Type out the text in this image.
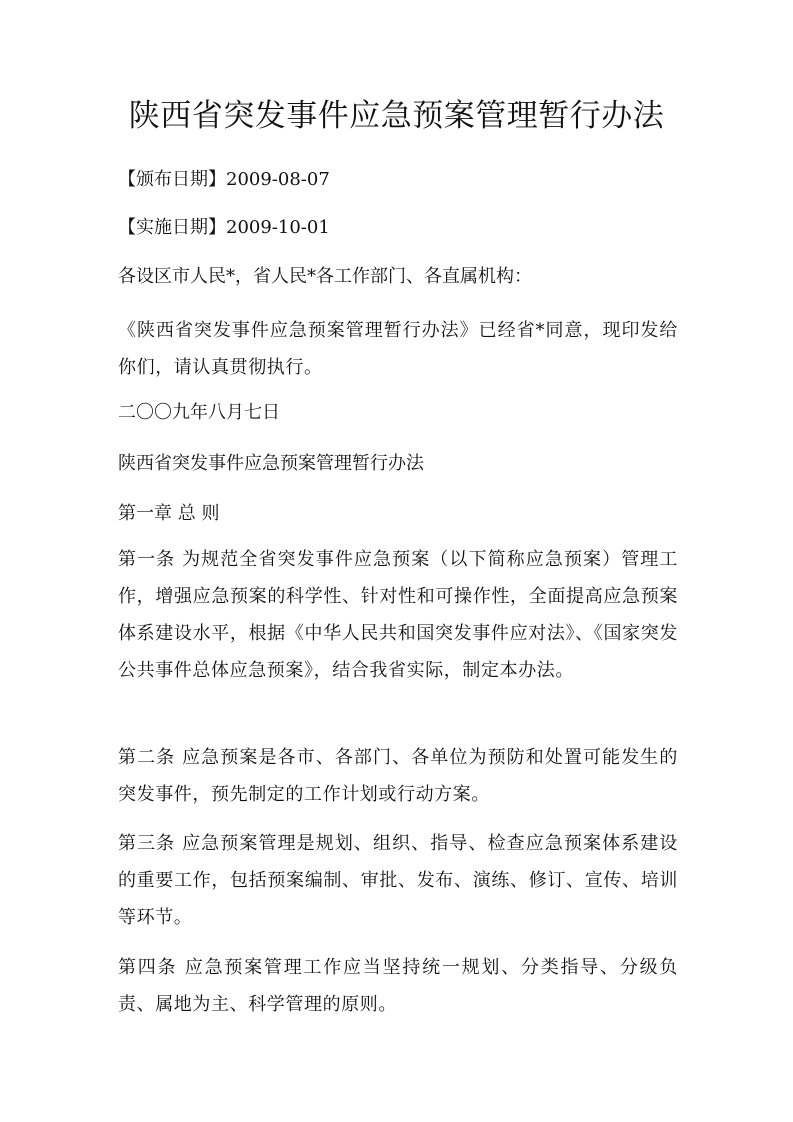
陕西省突发事件应急预案管理暂行办法

【颁布日期】2009-08-07

【实施日期】2009-10-01

各设区市人民*，省人民*各工作部门、各直属机构：

《陕西省突发事件应急预案管理暂行办法》已经省*同意，现印发给你们，请认真贯彻执行。

二〇〇九年八月七日

陕西省突发事件应急预案管理暂行办法

第一章 总 则

第一条 为规范全省突发事件应急预案（以下简称应急预案）管理工作，增强应急预案的科学性、针对性和可操作性，全面提高应急预案体系建设水平，根据《中华人民共和国突发事件应对法》、《国家突发公共事件总体应急预案》，结合我省实际，制定本办法。

第二条 应急预案是各市、各部门、各单位为预防和处置可能发生的突发事件，预先制定的工作计划或行动方案。

第三条 应急预案管理是规划、组织、指导、检查应急预案体系建设的重要工作，包括预案编制、审批、发布、演练、修订、宣传、培训等环节。

第四条 应急预案管理工作应当坚持统一规划、分类指导、分级负责、属地为主、科学管理的原则。
